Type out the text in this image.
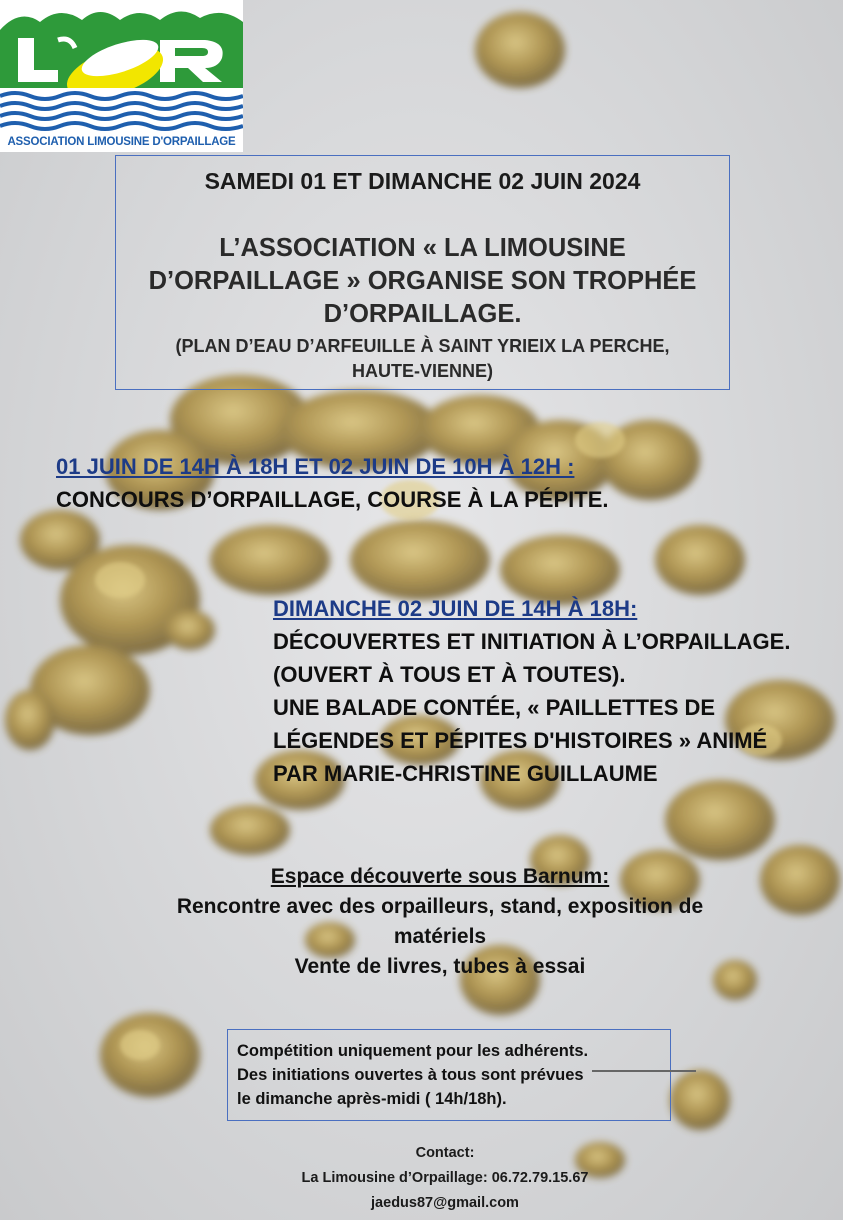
ASSOCIATION LIMOUSINE D'ORPAILLAGE
SAMEDI 01 ET DIMANCHE 02 JUIN 2024
L’ASSOCIATION « LA LIMOUSINE
D’ORPAILLAGE » ORGANISE SON TROPHÉE
D’ORPAILLAGE.
(PLAN D’EAU D’ARFEUILLE À SAINT YRIEIX LA PERCHE,
HAUTE-VIENNE)
01 JUIN DE 14H À 18H ET 02 JUIN DE 10H À 12H :
CONCOURS D’ORPAILLAGE, COURSE À LA PÉPITE.
DIMANCHE 02 JUIN DE 14H À 18H:
DÉCOUVERTES ET INITIATION À L’ORPAILLAGE.
(OUVERT À TOUS ET À TOUTES).
UNE BALADE CONTÉE, « PAILLETTES DE
LÉGENDES ET PÉPITES D'HISTOIRES » ANIMÉ
PAR MARIE-CHRISTINE GUILLAUME
Espace découverte sous Barnum:
Rencontre avec des orpailleurs, stand, exposition de
matériels
Vente de livres, tubes à essai
Compétition uniquement pour les adhérents.
Des initiations ouvertes à tous sont prévues
le dimanche après-midi ( 14h/18h).
Contact:
La Limousine d’Orpaillage: 06.72.79.15.67
jaedus87@gmail.com
